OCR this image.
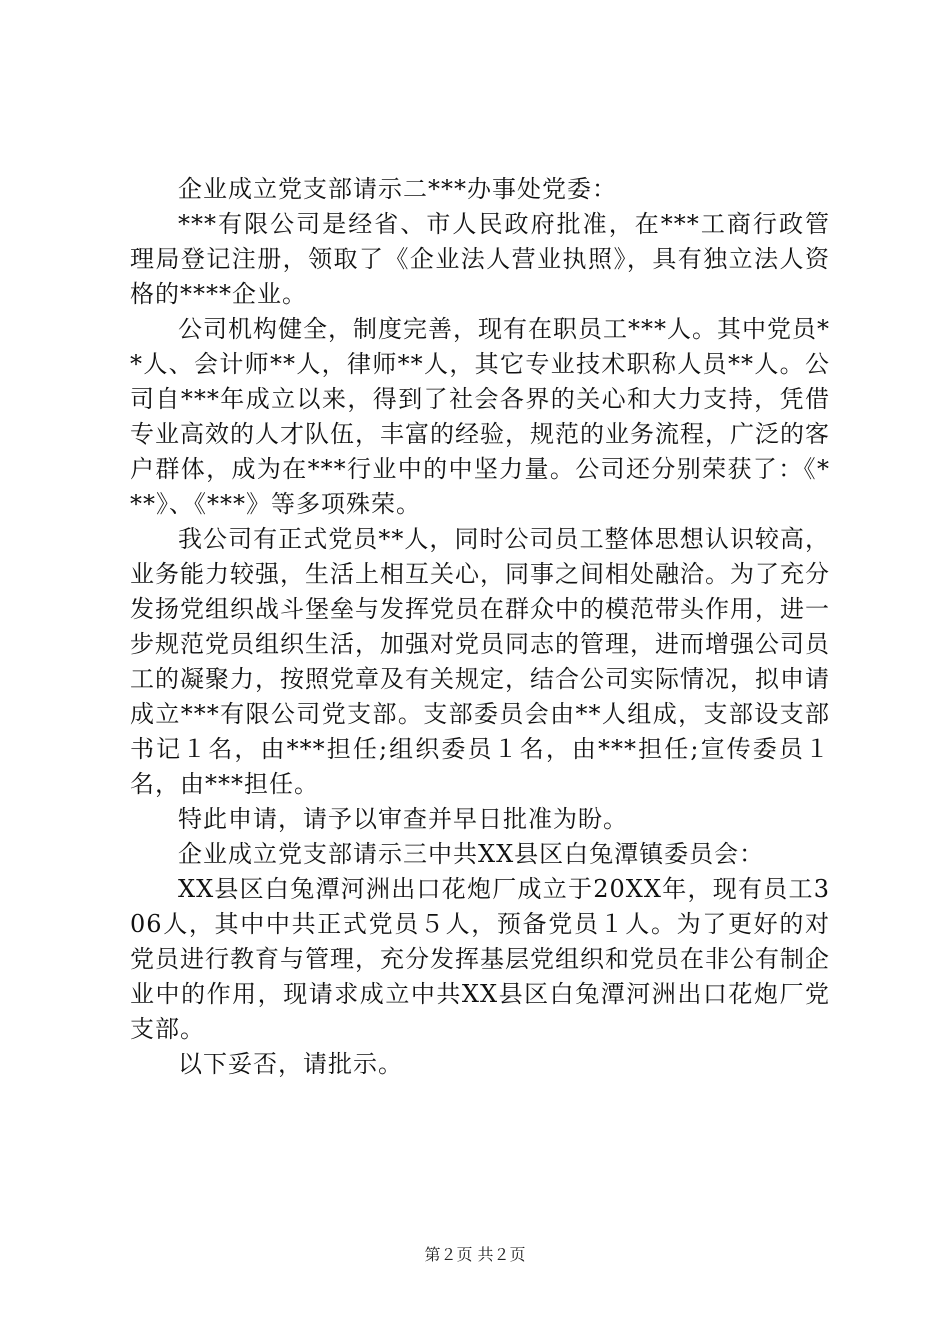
企业成立党支部请示二***办事处党委：

***有限公司是经省、市人民政府批准，在***工商行政管理局登记注册，领取了《企业法人营业执照》，具有独立法人资格的****企业。

公司机构健全，制度完善，现有在职员工***人。其中党员**人、会计师**人，律师**人，其它专业技术职称人员**人。公司自***年成立以来，得到了社会各界的关心和大力支持，凭借专业高效的人才队伍，丰富的经验，规范的业务流程，广泛的客户群体，成为在***行业中的中坚力量。公司还分别荣获了：《***》、《***》等多项殊荣。

我公司有正式党员**人，同时公司员工整体思想认识较高，业务能力较强，生活上相互关心，同事之间相处融洽。为了充分发扬党组织战斗堡垒与发挥党员在群众中的模范带头作用，进一步规范党员组织生活，加强对党员同志的管理，进而增强公司员工的凝聚力，按照党章及有关规定，结合公司实际情况，拟申请成立***有限公司党支部。支部委员会由**人组成，支部设支部书记１名，由***担任;组织委员１名，由***担任;宣传委员１名，由***担任。

特此申请，请予以审查并早日批准为盼。

企业成立党支部请示三中共XX县区白兔潭镇委员会：

XX县区白兔潭河洲出口花炮厂成立于20XX年，现有员工306人，其中中共正式党员５人，预备党员１人。为了更好的对党员进行教育与管理，充分发挥基层党组织和党员在非公有制企业中的作用，现请求成立中共XX县区白兔潭河洲出口花炮厂党支部。

以下妥否，请批示。

第２页 共２页
